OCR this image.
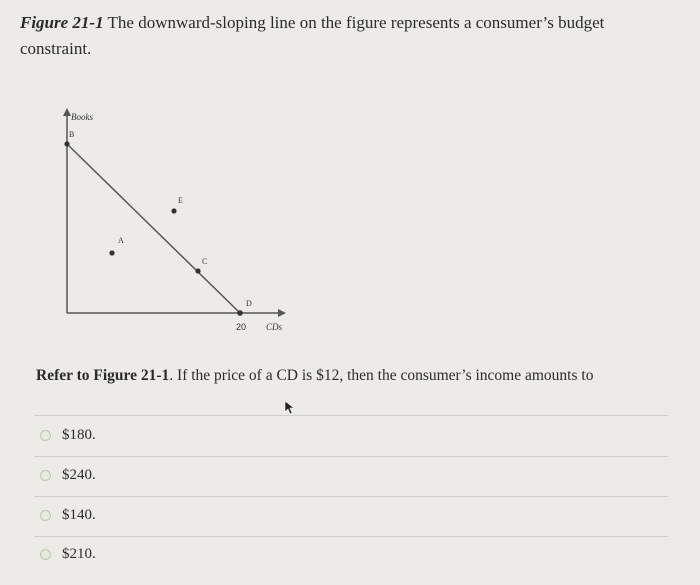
Figure 21-1 The downward-sloping line on the figure represents a consumer’s budget constraint.
Books
CDs
20
B
E
A
C
D
Refer to Figure 21-1. If the price of a CD is $12, then the consumer’s income amounts to
$180.
$240.
$140.
$210.
